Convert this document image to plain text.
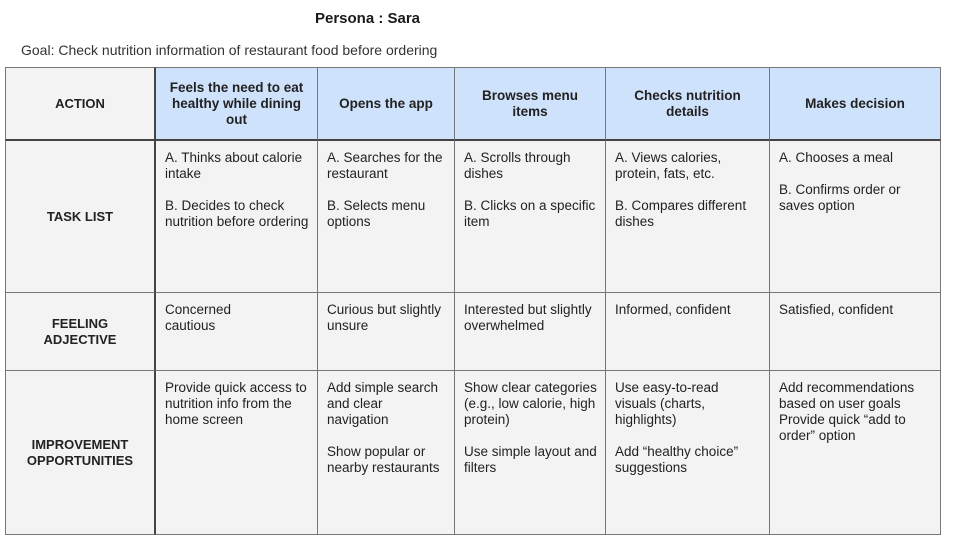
Persona : Sara
Goal: Check nutrition information of restaurant food before ordering
ACTION
TASK LIST
FEELING ADJECTIVE
IMPROVEMENT OPPORTUNITIES
Feels the need to eat healthy while dining out

A. Thinks about calorie intake

B. Decides to check nutrition before ordering

Concerned
cautious

Provide quick access to nutrition info from the home screen

Opens the app

A. Searches for the restaurant

B. Selects menu options

Curious but slightly unsure

Add simple search and clear navigation

Show popular or nearby restaurants

Browses menu items

A. Scrolls through dishes

B. Clicks on a specific item

Interested but slightly overwhelmed

Show clear categories (e.g., low calorie, high protein)

Use simple layout and filters

Checks nutrition details

A. Views calories, protein, fats, etc.

B. Compares different dishes

Informed, confident

Use easy-to-read visuals (charts, highlights)

Add “healthy choice” suggestions

Makes decision

A. Chooses a meal

B. Confirms order or saves option

Satisfied, confident

Add recommendations based on user goals Provide quick “add to order” option
